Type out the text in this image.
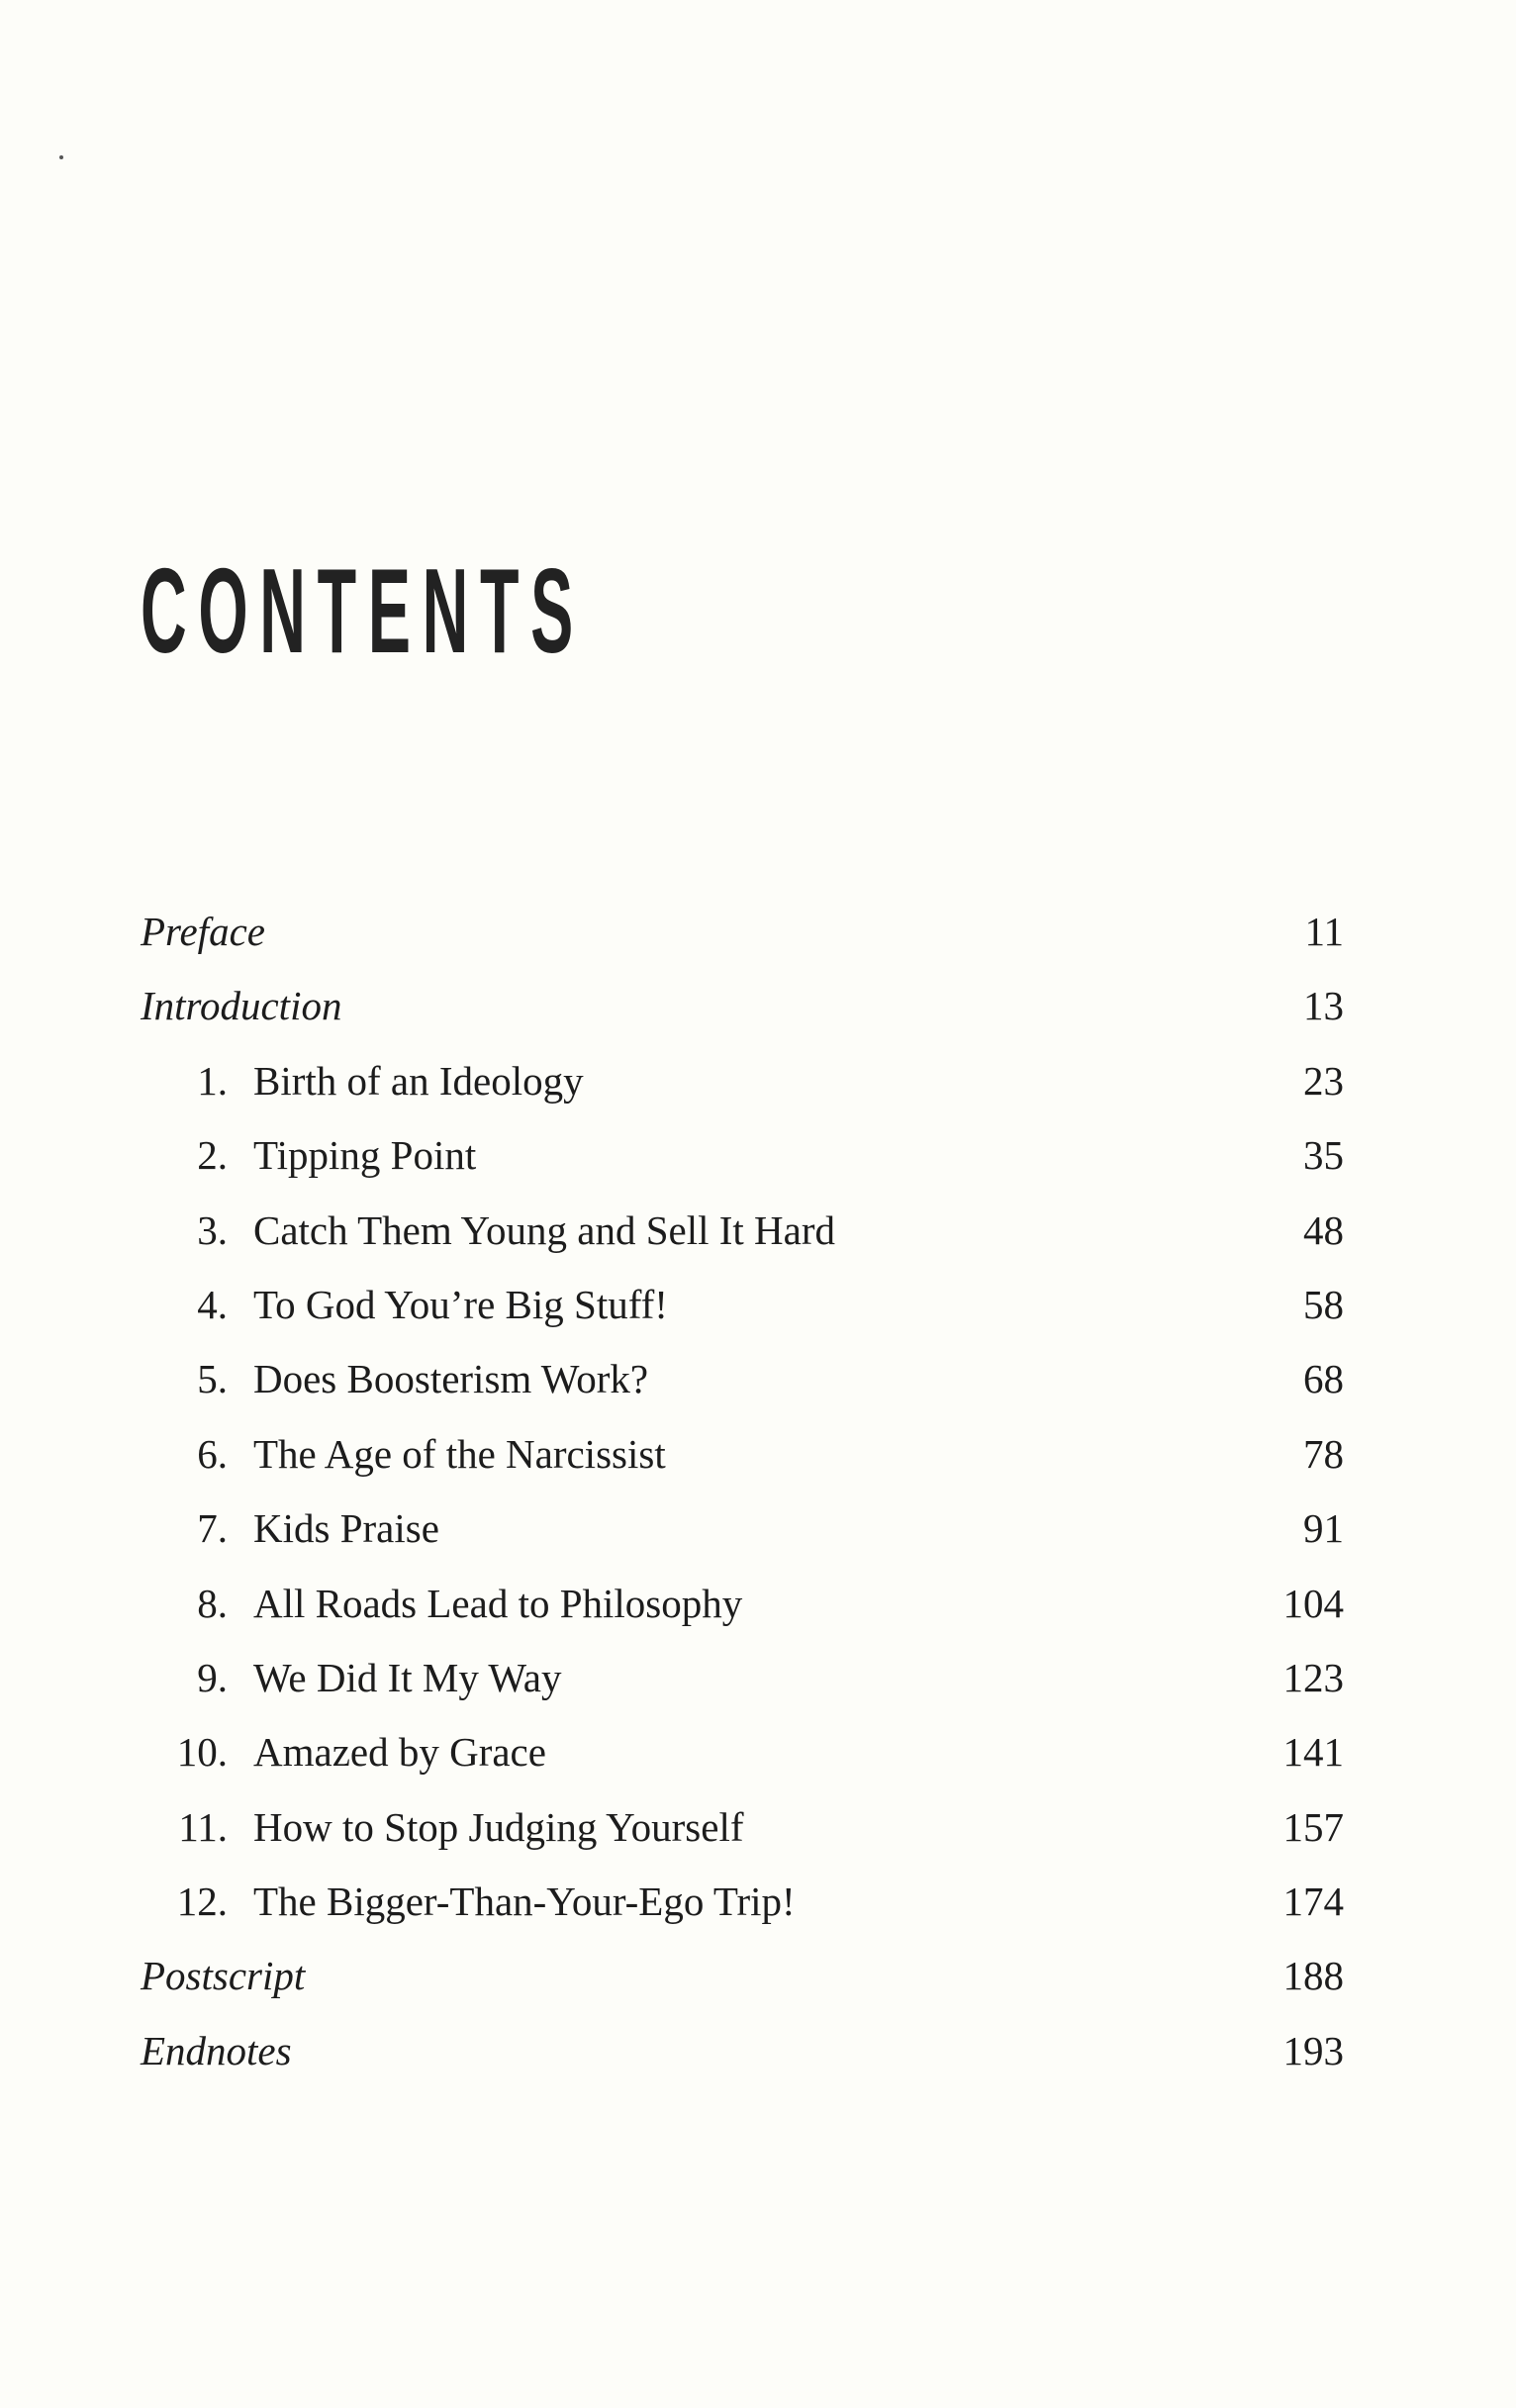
CONTENTS
Preface	11
Introduction	13
1. Birth of an Ideology	23
2. Tipping Point	35
3. Catch Them Young and Sell It Hard	48
4. To God You’re Big Stuff!	58
5. Does Boosterism Work?	68
6. The Age of the Narcissist	78
7. Kids Praise	91
8. All Roads Lead to Philosophy	104
9. We Did It My Way	123
10. Amazed by Grace	141
11. How to Stop Judging Yourself	157
12. The Bigger-Than-Your-Ego Trip!	174
Postscript	188
Endnotes	193
